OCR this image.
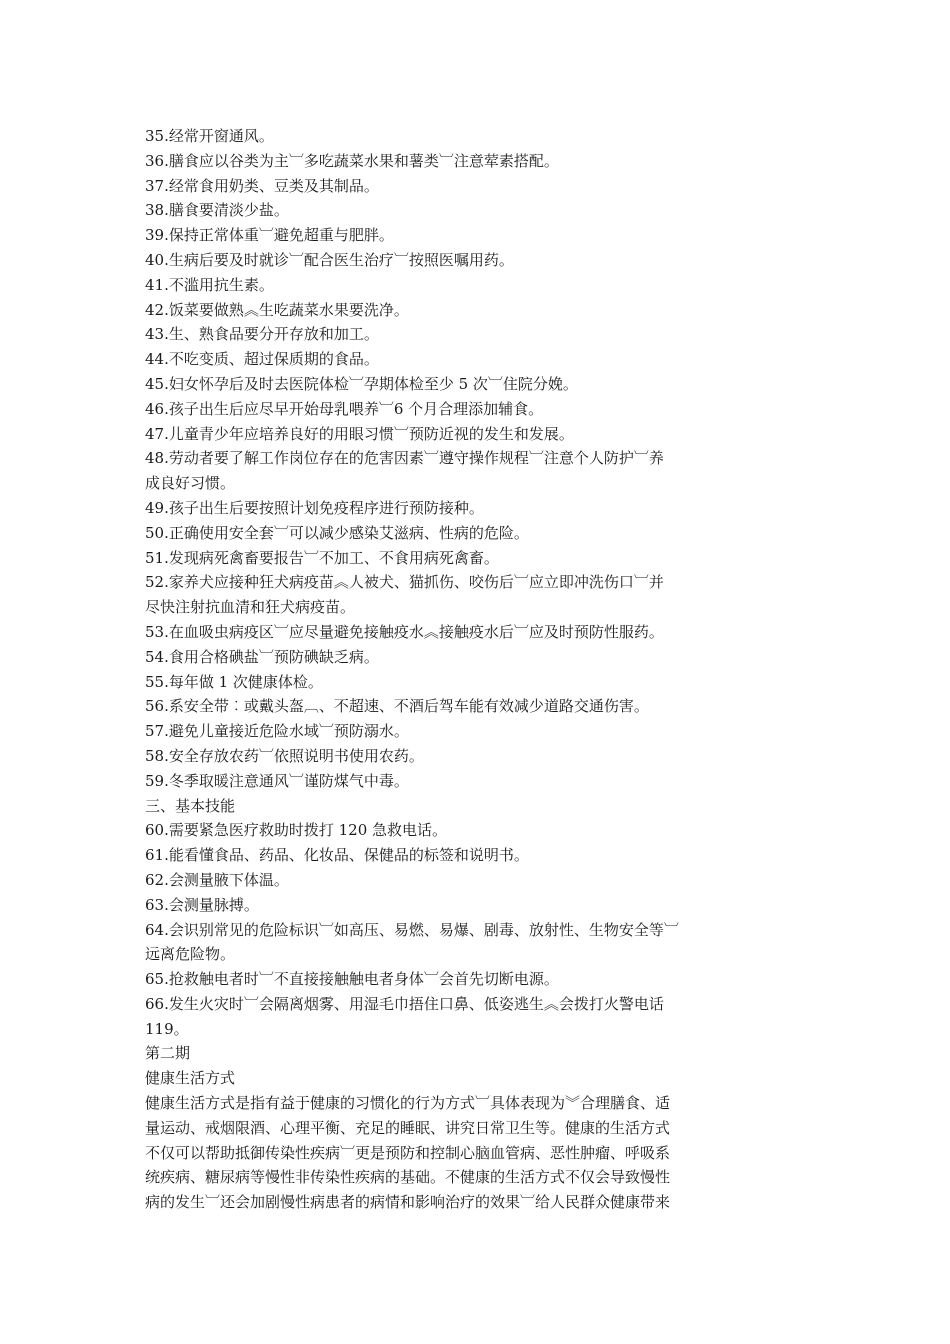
35.经常开窗通风。

36.膳食应以谷类为主︺多吃蔬菜水果和薯类︺注意荤素搭配。

37.经常食用奶类、豆类及其制品。

38.膳食要清淡少盐。

39.保持正常体重︺避免超重与肥胖。

40.生病后要及时就诊︺配合医生治疗︺按照医嘱用药。

41.不滥用抗生素。

42.饭菜要做熟︽生吃蔬菜水果要洗净。

43.生、熟食品要分开存放和加工。

44.不吃变质、超过保质期的食品。

45.妇女怀孕后及时去医院体检︺孕期体检至少 5 次︺住院分娩。

46.孩子出生后应尽早开始母乳喂养︺6 个月合理添加辅食。

47.儿童青少年应培养良好的用眼习惯︺预防近视的发生和发展。

48.劳动者要了解工作岗位存在的危害因素︺遵守操作规程︺注意个人防护︺养

成良好习惯。

49.孩子出生后要按照计划免疫程序进行预防接种。

50.正确使用安全套︺可以减少感染艾滋病、性病的危险。

51.发现病死禽畜要报告︺不加工、不食用病死禽畜。

52.家养犬应接种狂犬病疫苗︽人被犬、猫抓伤、咬伤后︺应立即冲洗伤口︺并

尽快注射抗血清和狂犬病疫苗。

53.在血吸虫病疫区︺应尽量避免接触疫水︽接触疫水后︺应及时预防性服药。

54.食用合格碘盐︺预防碘缺乏病。

55.每年做 1 次健康体检。

56.系安全带︰或戴头盔︹、不超速、不酒后驾车能有效减少道路交通伤害。

57.避免儿童接近危险水域︺预防溺水。

58.安全存放农药︺依照说明书使用农药。

59.冬季取暖注意通风︺谨防煤气中毒。

三、基本技能

60.需要紧急医疗救助时拨打 120 急救电话。

61.能看懂食品、药品、化妆品、保健品的标签和说明书。

62.会测量腋下体温。

63.会测量脉搏。

64.会识别常见的危险标识︺如高压、易燃、易爆、剧毒、放射性、生物安全等︺

远离危险物。

65.抢救触电者时︺不直接接触触电者身体︺会首先切断电源。

66.发生火灾时︺会隔离烟雾、用湿毛巾捂住口鼻、低姿逃生︽会拨打火警电话

119。

第二期

健康生活方式

健康生活方式是指有益于健康的习惯化的行为方式︺具体表现为︾合理膳食、适

量运动、戒烟限酒、心理平衡、充足的睡眠、讲究日常卫生等。健康的生活方式

不仅可以帮助抵御传染性疾病︺更是预防和控制心脑血管病、恶性肿瘤、呼吸系

统疾病、糖尿病等慢性非传染性疾病的基础。不健康的生活方式不仅会导致慢性

病的发生︺还会加剧慢性病患者的病情和影响治疗的效果︺给人民群众健康带来
